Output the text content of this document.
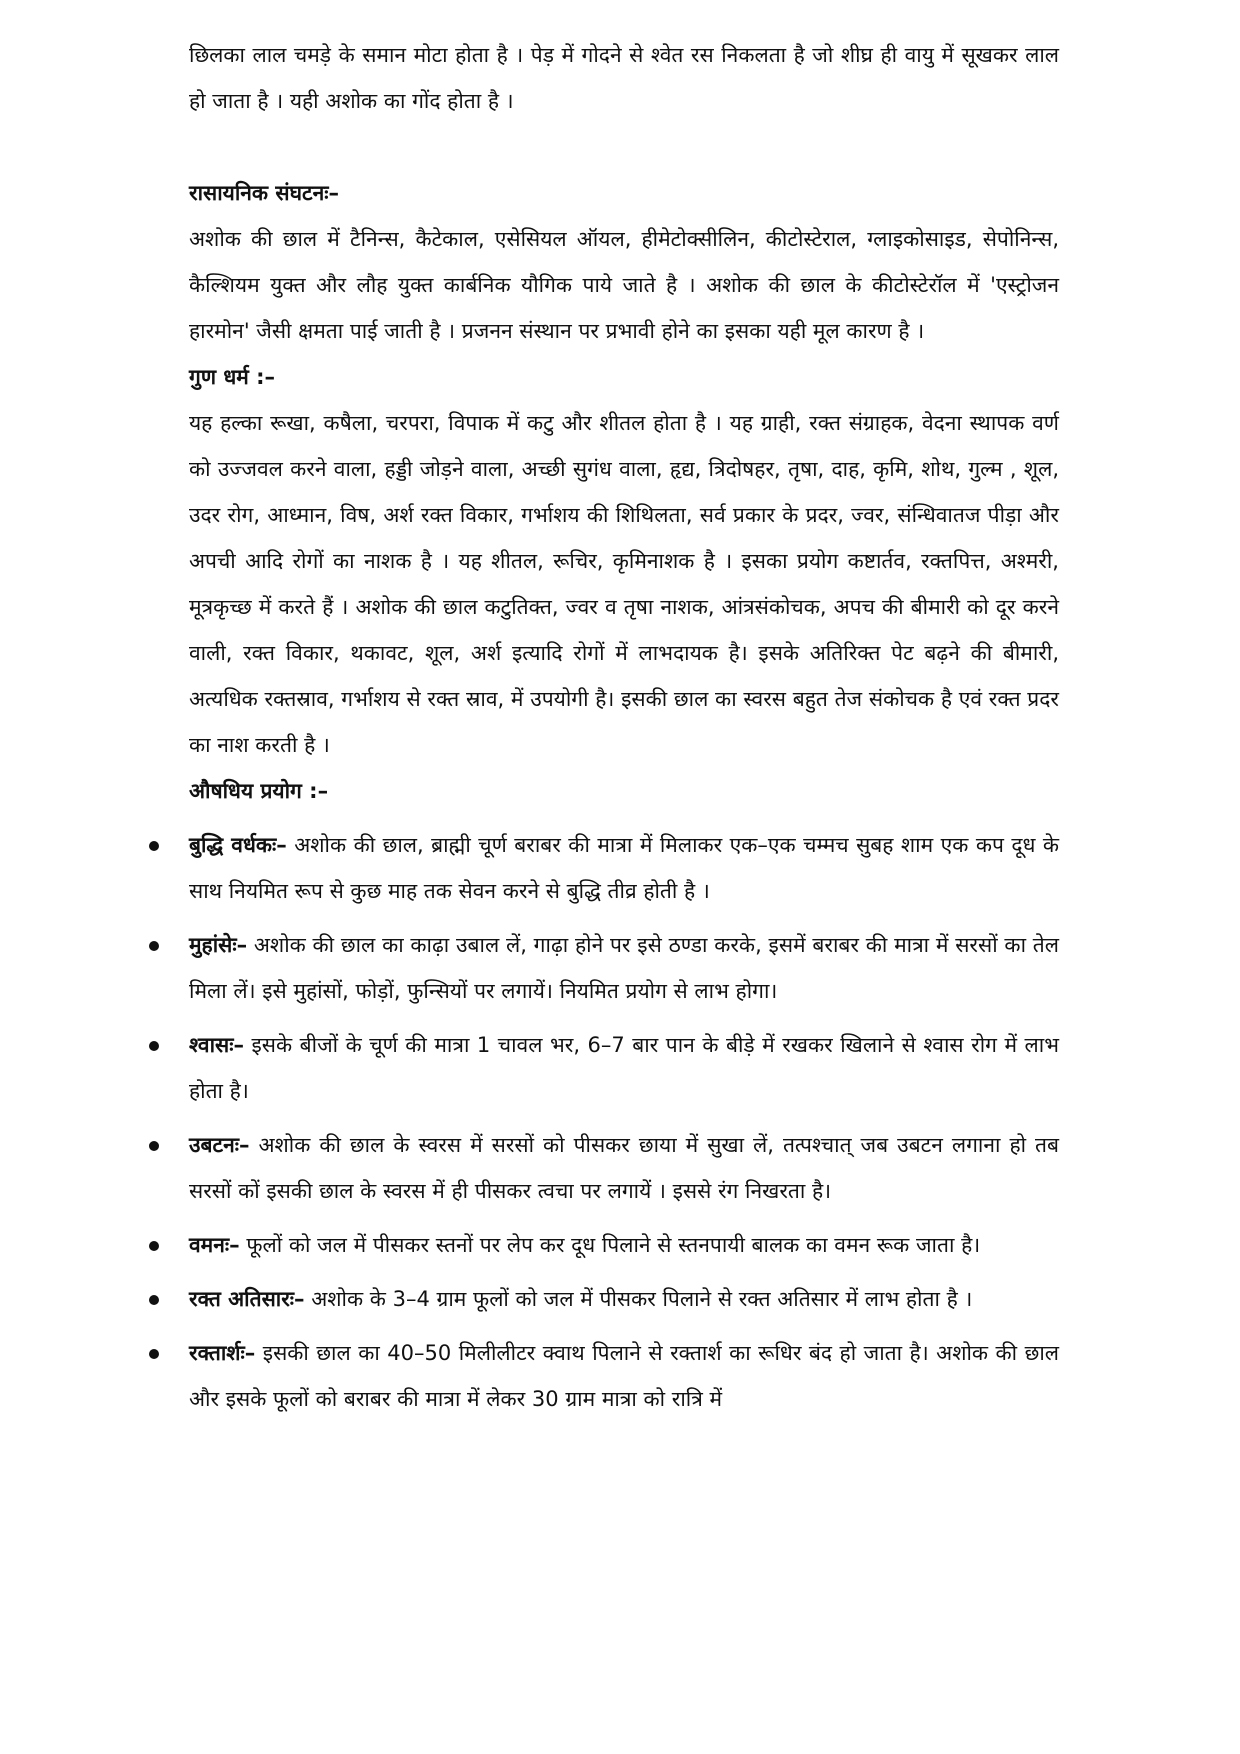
छिलका लाल चमड़े के समान मोटा होता है । पेड़ में गोदने से श्वेत रस निकलता है जो शीघ्र ही वायु में सूखकर लाल हो जाता है । यही अशोक का गोंद होता है ।

रासायनिक संघटनः–

अशोक की छाल में टैनिन्स, कैटेकाल, एसेसियल ऑयल, हीमेटोक्सीलिन, कीटोस्टेराल, ग्लाइकोसाइड, सेपोनिन्स, कैल्शियम युक्त और लौह युक्त कार्बनिक यौगिक पाये जाते है । अशोक की छाल के कीटोस्टेरॉल में 'एस्ट्रोजन हारमोन' जैसी क्षमता पाई जाती है । प्रजनन संस्थान पर प्रभावी होने का इसका यही मूल कारण है ।

गुण धर्म :–

यह हल्का रूखा, कषैला, चरपरा, विपाक में कटु और शीतल होता है । यह ग्राही, रक्त संग्राहक, वेदना स्थापक वर्ण को उज्जवल करने वाला, हड्डी जोड़ने वाला, अच्छी सुगंध वाला, हृद्य, त्रिदोषहर, तृषा, दाह, कृमि, शोथ, गुल्म , शूल, उदर रोग, आध्मान, विष, अर्श रक्त विकार, गर्भाशय की शिथिलता, सर्व प्रकार के प्रदर, ज्वर, संन्धिवातज पीड़ा और अपची आदि रोगों का नाशक है । यह शीतल, रूचिर, कृमिनाशक है । इसका प्रयोग कष्टार्तव, रक्तपित्त, अश्मरी, मूत्रकृच्छ में करते हैं । अशोक की छाल कटुतिक्त, ज्वर व तृषा नाशक, आंत्रसंकोचक, अपच की बीमारी को दूर करने वाली, रक्त विकार, थकावट, शूल, अर्श इत्यादि रोगों में लाभदायक है। इसके अतिरिक्त पेट बढ़ने की बीमारी, अत्यधिक रक्तस्राव, गर्भाशय से रक्त स्राव, में उपयोगी है। इसकी छाल का स्वरस बहुत तेज संकोचक है एवं रक्त प्रदर का नाश करती है ।

औषधिय प्रयोग :–
बुद्धि वर्धकः– अशोक की छाल, ब्राह्मी चूर्ण बराबर की मात्रा में मिलाकर एक–एक चम्मच सुबह शाम एक कप दूध के साथ नियमित रूप से कुछ माह तक सेवन करने से बुद्धि तीव्र होती है ।
मुहांसेः– अशोक की छाल का काढ़ा उबाल लें, गाढ़ा होने पर इसे ठण्डा करके, इसमें बराबर की मात्रा में सरसों का तेल मिला लें। इसे मुहांसों, फोड़ों, फुन्सियों पर लगायें। नियमित प्रयोग से लाभ होगा।
श्वासः– इसके बीजों के चूर्ण की मात्रा 1 चावल भर, 6–7 बार पान के बीड़े में रखकर खिलाने से श्वास रोग में लाभ होता है।
उबटनः– अशोक की छाल के स्वरस में सरसों को पीसकर छाया में सुखा लें, तत्पश्चात् जब उबटन लगाना हो तब सरसों कों इसकी छाल के स्वरस में ही पीसकर त्वचा पर लगायें । इससे रंग निखरता है।
वमनः– फूलों को जल में पीसकर स्तनों पर लेप कर दूध पिलाने से स्तनपायी बालक का वमन रूक जाता है।
रक्त अतिसारः– अशोक के 3–4 ग्राम फूलों को जल में पीसकर पिलाने से रक्त अतिसार में लाभ होता है ।
रक्तार्शः– इसकी छाल का 40–50 मिलीलीटर क्वाथ पिलाने से रक्तार्श का रूधिर बंद हो जाता है। अशोक की छाल और इसके फूलों को बराबर की मात्रा में लेकर 30 ग्राम मात्रा को रात्रि में
